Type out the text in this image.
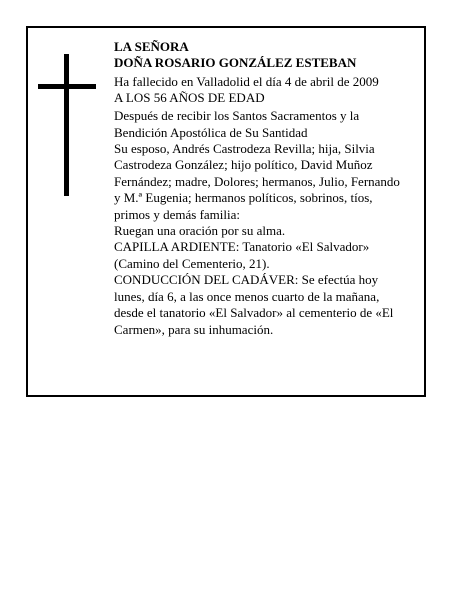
LA SEÑORA
DOÑA ROSARIO GONZÁLEZ ESTEBAN
Ha fallecido en Valladolid el día 4 de abril de 2009
A LOS 56 AÑOS DE EDAD
Después de recibir los Santos Sacramentos y la
Bendición Apostólica de Su Santidad
Su esposo, Andrés Castrodeza Revilla; hija, Silvia
Castrodeza González; hijo político, David Muñoz
Fernández; madre, Dolores; hermanos, Julio, Fernando
y M.ª Eugenia; hermanos políticos, sobrinos, tíos,
primos y demás familia:
Ruegan una oración por su alma.
CAPILLA ARDIENTE: Tanatorio «El Salvador»
(Camino del Cementerio, 21).
CONDUCCIÓN DEL CADÁVER: Se efectúa hoy
lunes, día 6, a las once menos cuarto de la mañana,
desde el tanatorio «El Salvador» al cementerio de «El
Carmen», para su inhumación.
